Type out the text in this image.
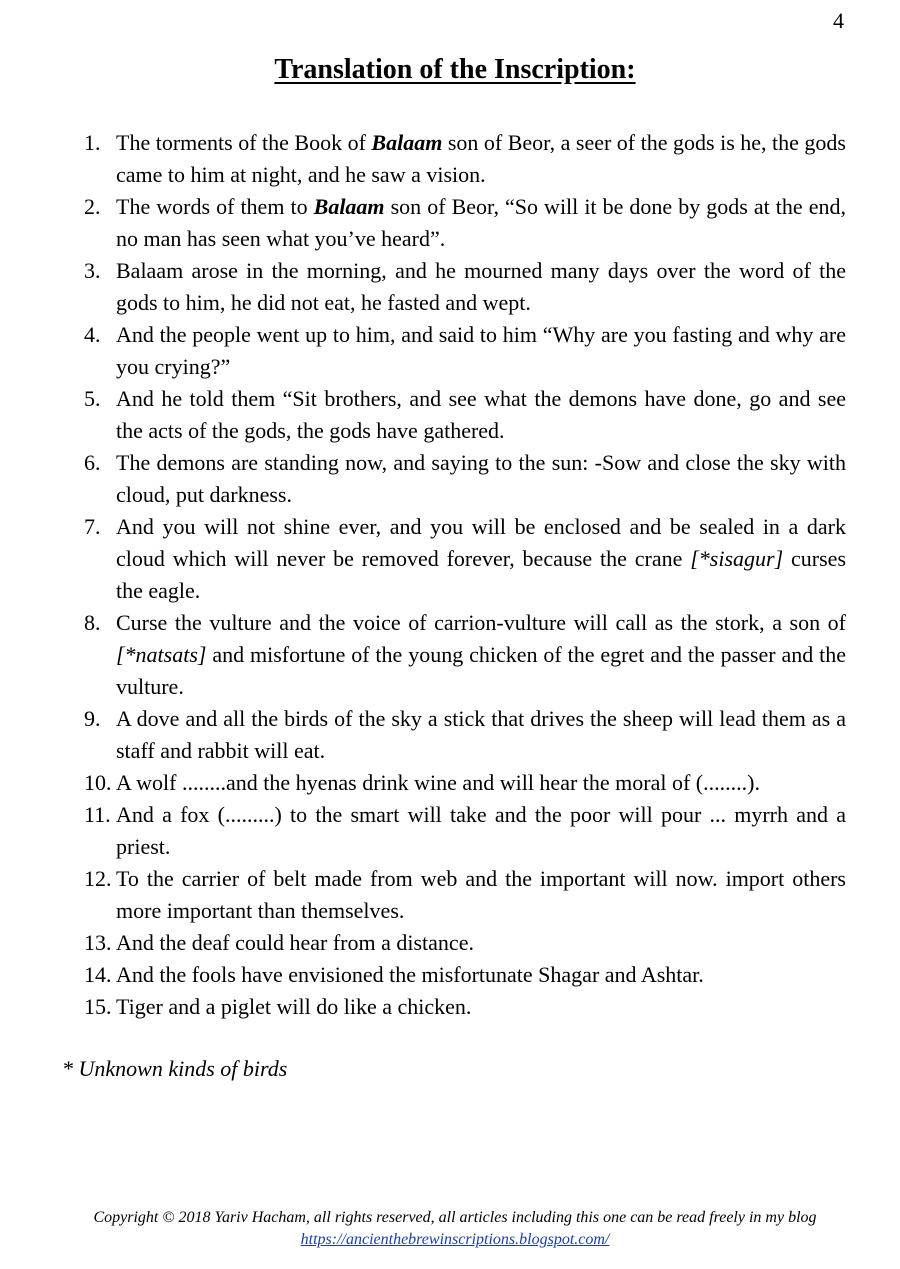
4
Translation of the Inscription:
1. The torments of the Book of Balaam son of Beor, a seer of the gods is he, the gods came to him at night, and he saw a vision.
2. The words of them to Balaam son of Beor, “So will it be done by gods at the end, no man has seen what you’ve heard”.
3. Balaam arose in the morning, and he mourned many days over the word of the gods to him, he did not eat, he fasted and wept.
4. And the people went up to him, and said to him “Why are you fasting and why are you crying?”
5. And he told them “Sit brothers, and see what the demons have done, go and see the acts of the gods, the gods have gathered.
6. The demons are standing now, and saying to the sun: -Sow and close the sky with cloud, put darkness.
7. And you will not shine ever, and you will be enclosed and be sealed in a dark cloud which will never be removed forever, because the crane [*sisagur] curses the eagle.
8. Curse the vulture and the voice of carrion-vulture will call as the stork, a son of [*natsats] and misfortune of the young chicken of the egret and the passer and the vulture.
9. A dove and all the birds of the sky a stick that drives the sheep will lead them as a staff and rabbit will eat.
10. A wolf ........and the hyenas drink wine and will hear the moral of (........).
11. And a fox (.........) to the smart will take and the poor will pour ... myrrh and a priest.
12. To the carrier of belt made from web and the important will now. import others more important than themselves.
13. And the deaf could hear from a distance.
14. And the fools have envisioned the misfortunate Shagar and Ashtar.
15. Tiger and a piglet will do like a chicken.
* Unknown kinds of birds
Copyright © 2018 Yariv Hacham, all rights reserved, all articles including this one can be read freely in my blog https://ancienthebrewinscriptions.blogspot.com/
